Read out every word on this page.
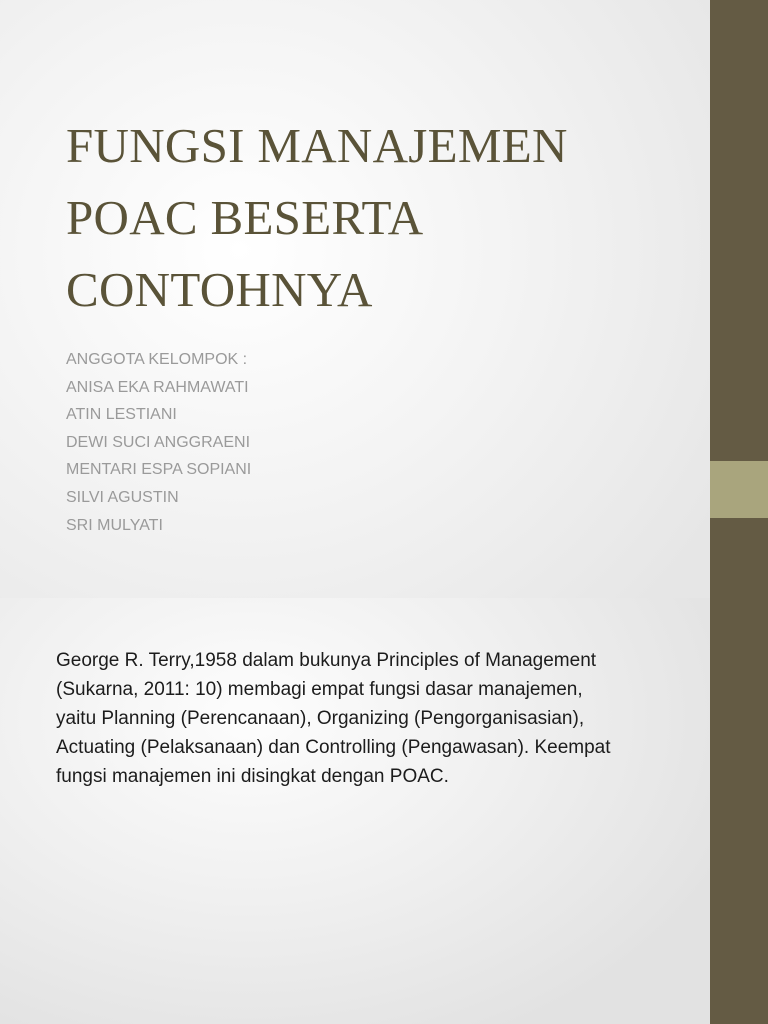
FUNGSI MANAJEMEN
POAC BESERTA
CONTOHNYA
ANGGOTA KELOMPOK :
ANISA EKA RAHMAWATI
ATIN LESTIANI
DEWI SUCI ANGGRAENI
MENTARI ESPA SOPIANI
SILVI AGUSTIN
SRI MULYATI

George R. Terry,1958 dalam bukunya Principles of Management
(Sukarna, 2011: 10) membagi empat fungsi dasar manajemen,
yaitu Planning (Perencanaan), Organizing (Pengorganisasian),
Actuating (Pelaksanaan) dan Controlling (Pengawasan). Keempat
fungsi manajemen ini disingkat dengan POAC.
